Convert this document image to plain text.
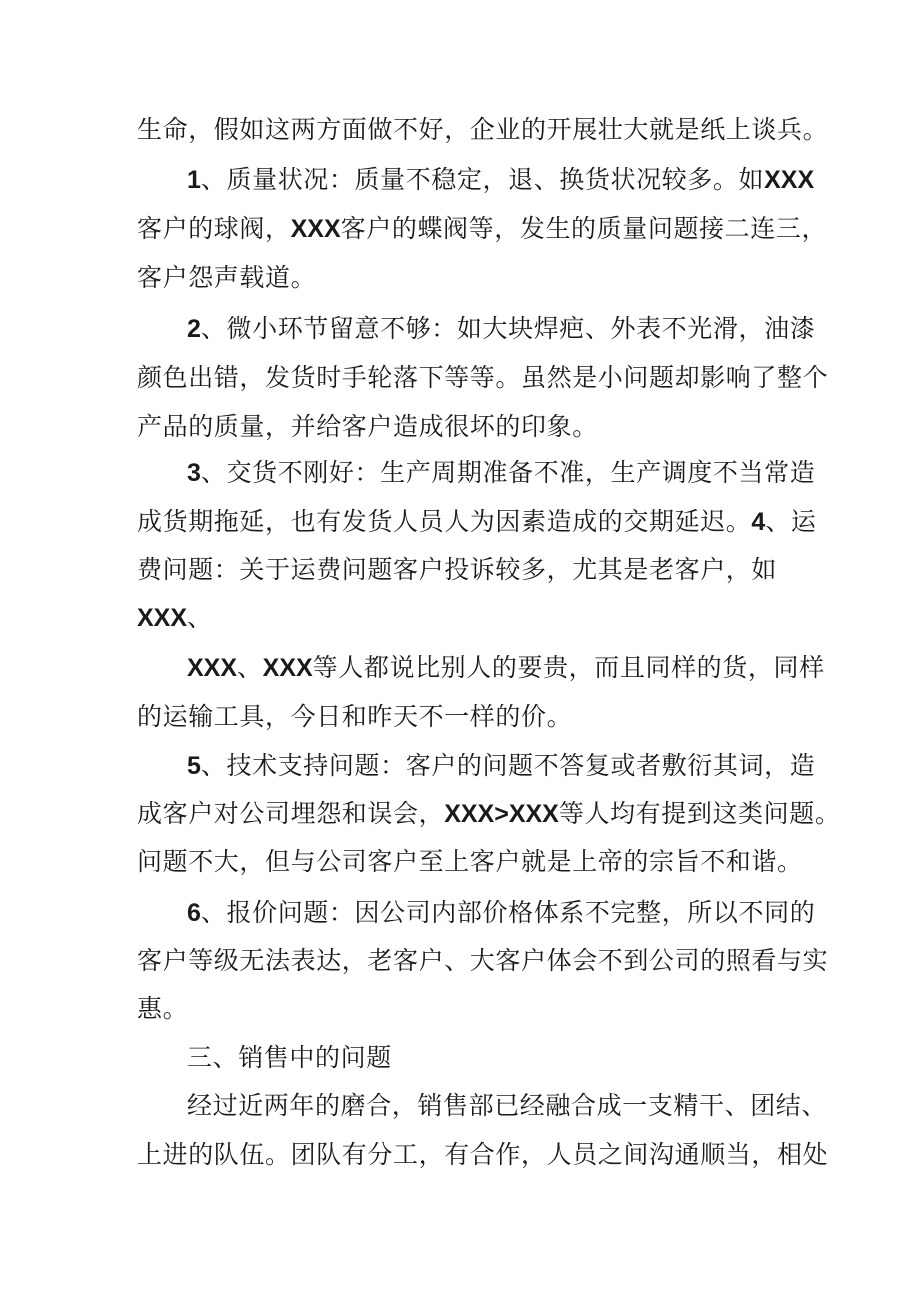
生命，假如这两方面做不好，企业的开展壮大就是纸上谈兵。
1、质量状况：质量不稳定，退、换货状况较多。如XXX
客户的球阀，XXX客户的蝶阀等，发生的质量问题接二连三，
客户怨声载道。
2、微小环节留意不够：如大块焊疤、外表不光滑，油漆
颜色出错，发货时手轮落下等等。虽然是小问题却影响了整个
产品的质量，并给客户造成很坏的印象。
3、交货不刚好：生产周期准备不准，生产调度不当常造
成货期拖延，也有发货人员人为因素造成的交期延迟。4、运
费问题：关于运费问题客户投诉较多，尤其是老客户，如
XXX、
XXX、XXX等人都说比别人的要贵，而且同样的货，同样
的运输工具，今日和昨天不一样的价。
5、技术支持问题：客户的问题不答复或者敷衍其词，造
成客户对公司埋怨和误会，XXX>XXX等人均有提到这类问题。
问题不大，但与公司客户至上客户就是上帝的宗旨不和谐。
6、报价问题：因公司内部价格体系不完整，所以不同的
客户等级无法表达，老客户、大客户体会不到公司的照看与实
惠。
三、销售中的问题
经过近两年的磨合，销售部已经融合成一支精干、团结、
上进的队伍。团队有分工，有合作，人员之间沟通顺当，相处
